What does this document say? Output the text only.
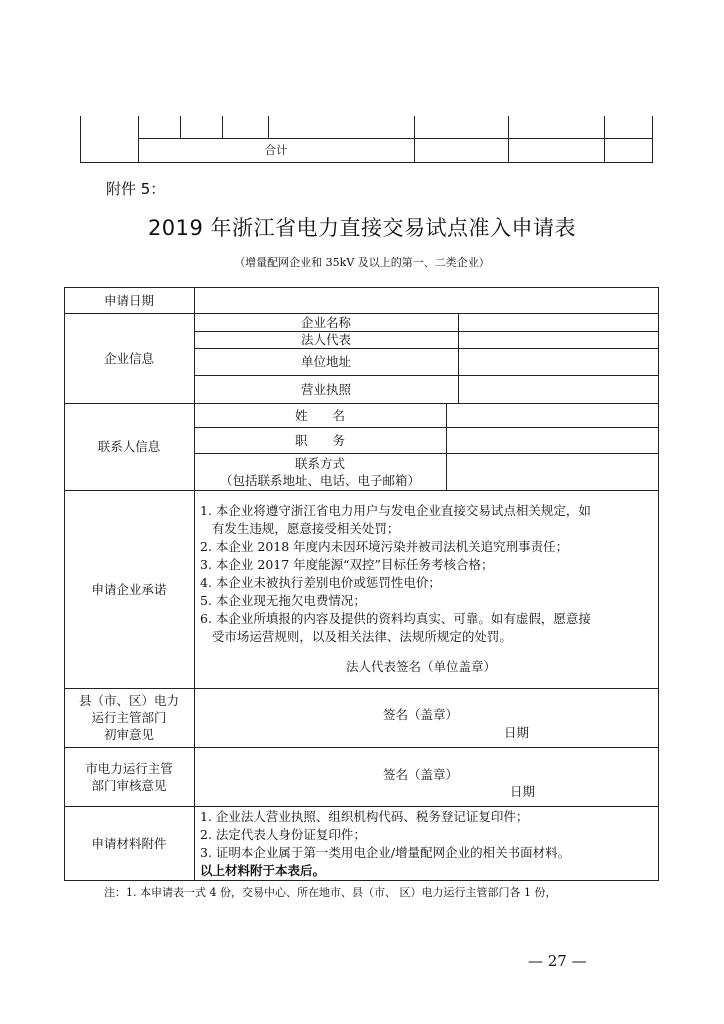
合计
附件 5：
2019 年浙江省电力直接交易试点准入申请表
（增量配网企业和 35kV 及以上的第一、二类企业）
申请日期
企业信息
联系人信息
申请企业承诺
县（市、区）电力
运行主管部门
初审意见
市电力运行主管
部门审核意见
申请材料附件
企业名称
法人代表
单位地址
营业执照
姓　　名
职　　务
联系方式
（包括联系地址、电话、电子邮箱）
1. 本企业将遵守浙江省电力用户与发电企业直接交易试点相关规定，如
有发生违规，愿意接受相关处罚；
2. 本企业 2018 年度内未因环境污染并被司法机关追究刑事责任；
3. 本企业 2017 年度能源“双控”目标任务考核合格；
4. 本企业未被执行差别电价或惩罚性电价；
5. 本企业现无拖欠电费情况；
6. 本企业所填报的内容及提供的资料均真实、可靠。如有虚假，愿意接
受市场运营规则，以及相关法律、法规所规定的处罚。
法人代表签名（单位盖章）
签名（盖章）
日期
签名（盖章）
日期
1. 企业法人营业执照、组织机构代码、税务登记证复印件；
2. 法定代表人身份证复印件；
3. 证明本企业属于第一类用电企业/增量配网企业的相关书面材料。
以上材料附于本表后。
注：1. 本申请表一式 4 份，交易中心、所在地市、县（市、 区）电力运行主管部门各 1 份，
— 27 —
